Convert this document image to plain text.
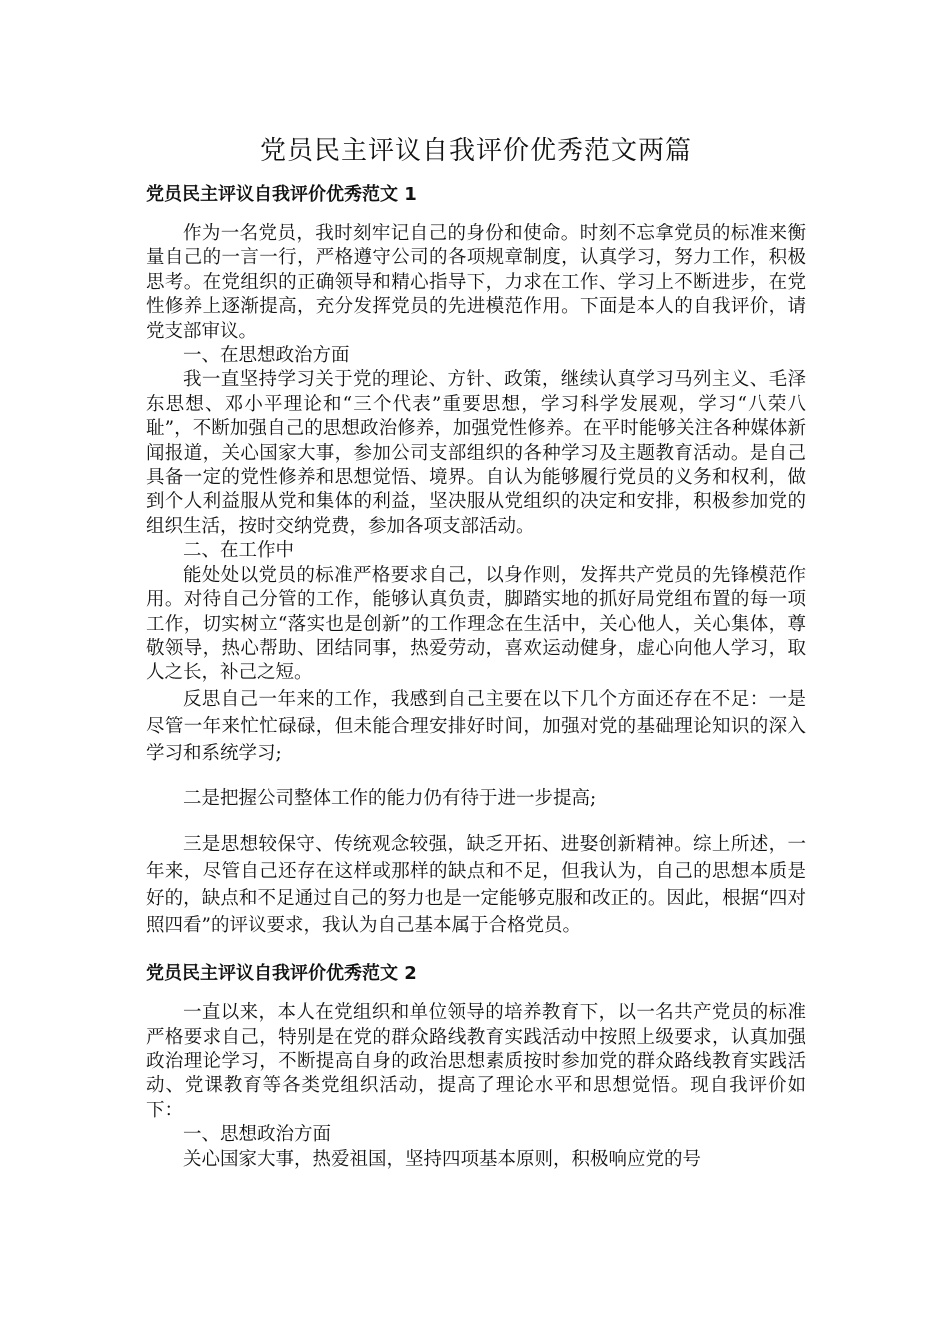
党员民主评议自我评价优秀范文两篇
党员民主评议自我评价优秀范文 1

作为一名党员，我时刻牢记自己的身份和使命。时刻不忘拿党员的标准来衡量自己的一言一行，严格遵守公司的各项规章制度，认真学习，努力工作，积极思考。在党组织的正确领导和精心指导下，力求在工作、学习上不断进步，在党性修养上逐渐提高，充分发挥党员的先进模范作用。下面是本人的自我评价，请党支部审议。

一、在思想政治方面

我一直坚持学习关于党的理论、方针、政策，继续认真学习马列主义、毛泽东思想、邓小平理论和“三个代表”重要思想，学习科学发展观，学习“八荣八耻”，不断加强自己的思想政治修养，加强党性修养。在平时能够关注各种媒体新闻报道，关心国家大事，参加公司支部组织的各种学习及主题教育活动。是自己具备一定的党性修养和思想觉悟、境界。自认为能够履行党员的义务和权利，做到个人利益服从党和集体的利益，坚决服从党组织的决定和安排，积极参加党的组织生活，按时交纳党费，参加各项支部活动。

二、在工作中

能处处以党员的标准严格要求自己，以身作则，发挥共产党员的先锋模范作用。对待自己分管的工作，能够认真负责，脚踏实地的抓好局党组布置的每一项工作，切实树立“落实也是创新”的工作理念在生活中，关心他人，关心集体，尊敬领导，热心帮助、团结同事，热爱劳动，喜欢运动健身，虚心向他人学习，取人之长，补己之短。

反思自己一年来的工作，我感到自己主要在以下几个方面还存在不足：一是尽管一年来忙忙碌碌，但未能合理安排好时间，加强对党的基础理论知识的深入学习和系统学习;

二是把握公司整体工作的能力仍有待于进一步提高;

三是思想较保守、传统观念较强，缺乏开拓、进娶创新精神。综上所述，一年来，尽管自己还存在这样或那样的缺点和不足，但我认为，自己的思想本质是好的，缺点和不足通过自己的努力也是一定能够克服和改正的。因此，根据“四对照四看”的评议要求，我认为自己基本属于合格党员。

党员民主评议自我评价优秀范文 2

一直以来，本人在党组织和单位领导的培养教育下，以一名共产党员的标准严格要求自己，特别是在党的群众路线教育实践活动中按照上级要求，认真加强政治理论学习，不断提高自身的政治思想素质按时参加党的群众路线教育实践活动、党课教育等各类党组织活动，提高了理论水平和思想觉悟。现自我评价如下：

一、思想政治方面

关心国家大事，热爱祖国，坚持四项基本原则，积极响应党的号
